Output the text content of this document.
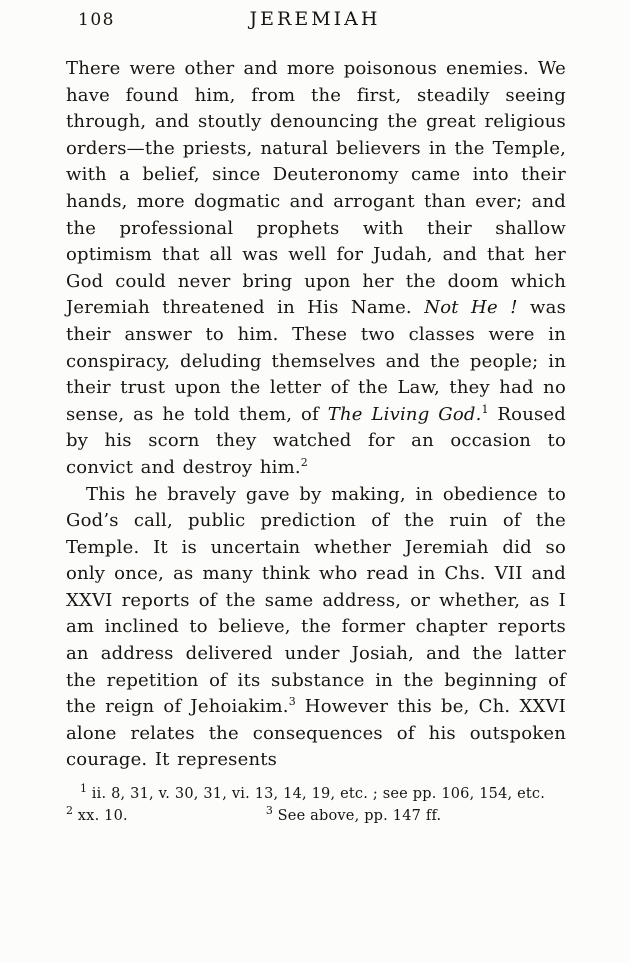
108	JEREMIAH

There were other and more poisonous enemies. We have found him, from the first, steadily seeing through, and stoutly denouncing the great religious orders—the priests, natural believers in the Temple, with a belief, since Deuteronomy came into their hands, more dogmatic and arrogant than ever; and the professional prophets with their shallow optimism that all was well for Judah, and that her God could never bring upon her the doom which Jeremiah threatened in His Name. Not He ! was their answer to him. These two classes were in conspiracy, deluding themselves and the people; in their trust upon the letter of the Law, they had no sense, as he told them, of The Living God.$^1$ Roused by his scorn they watched for an occasion to convict and destroy him.$^2$

This he bravely gave by making, in obedience to God’s call, public prediction of the ruin of the Temple. It is uncertain whether Jeremiah did so only once, as many think who read in Chs. VII and XXVI reports of the same address, or whether, as I am inclined to believe, the former chapter reports an address delivered under Josiah, and the latter the repetition of its substance in the beginning of the reign of Jehoiakim.$^3$ However this be, Ch. XXVI alone relates the consequences of his outspoken courage. It represents

$^1$ ii. 8, 31, v. 30, 31, vi. 13, 14, 19, etc. ; see pp. 106, 154, etc.
$^2$ xx. 10.	$^3$ See above, pp. 147 ff.
